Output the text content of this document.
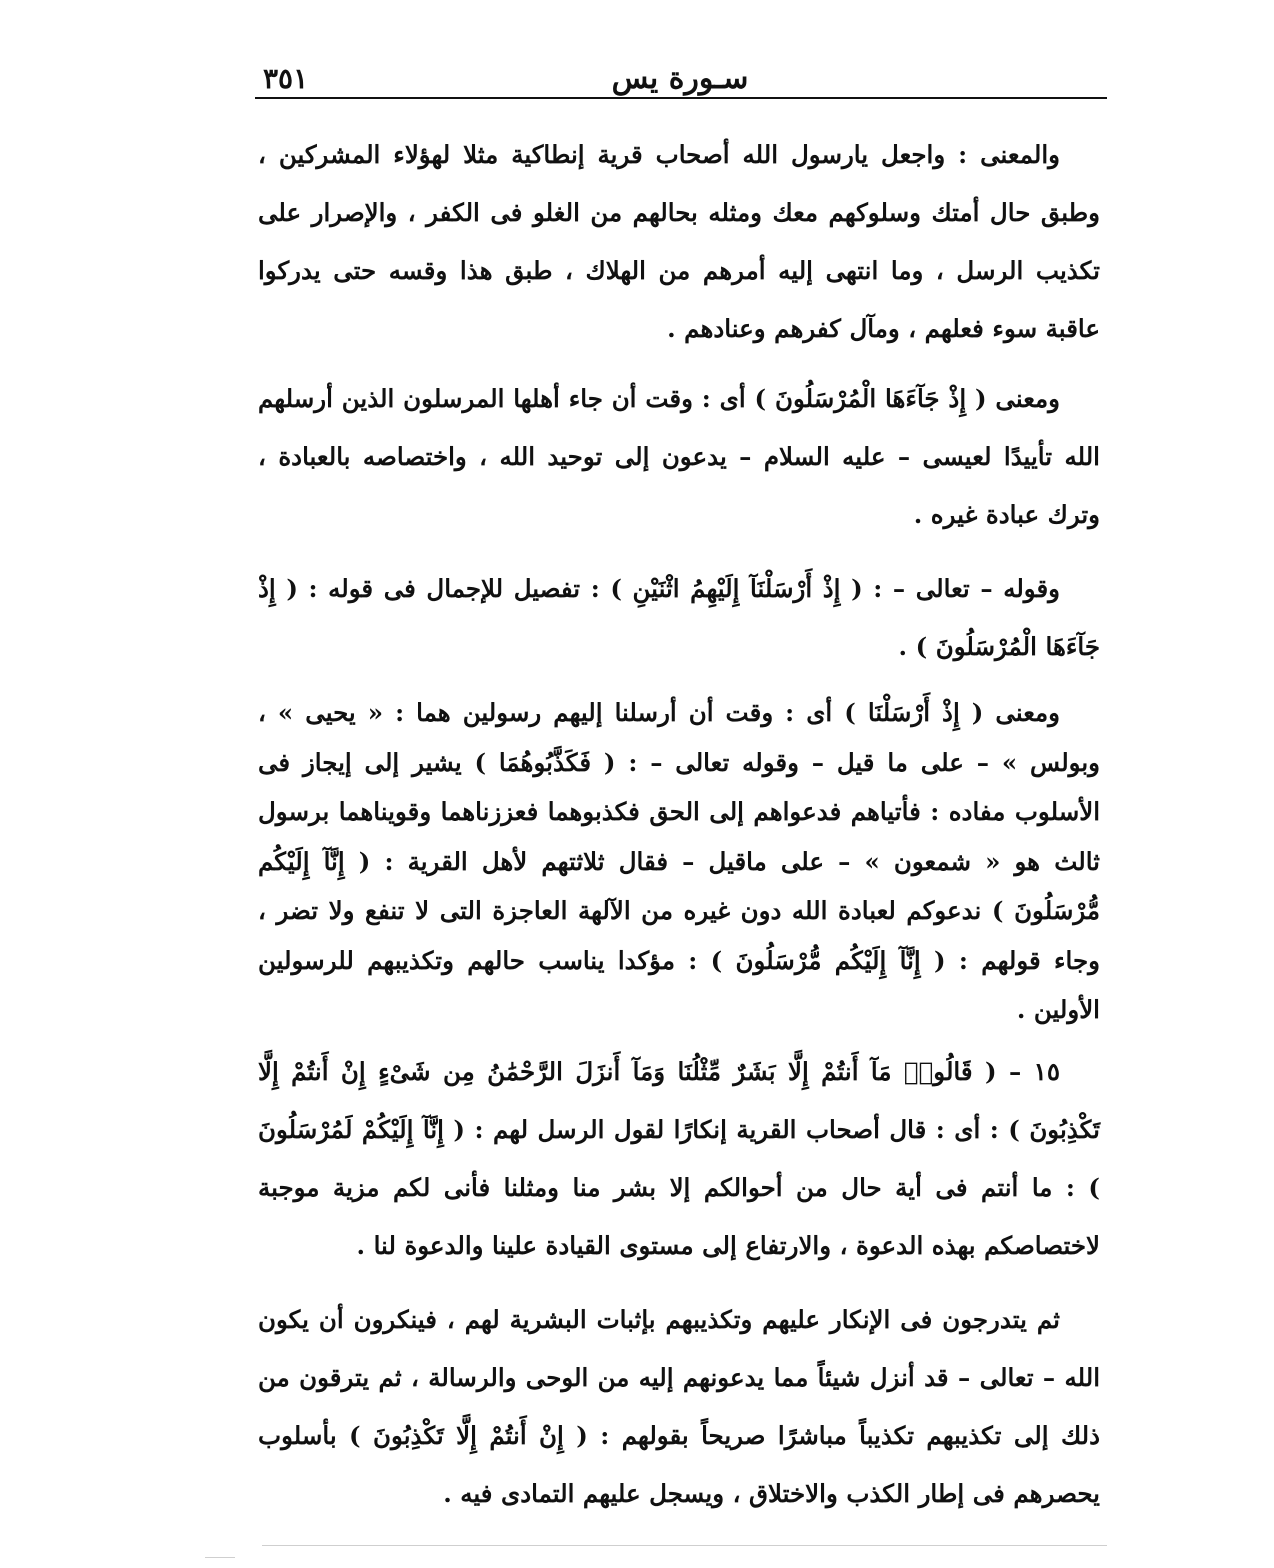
سـورة يس
٣٥١

والمعنى : واجعل يارسول الله أصحاب قرية إنطاكية مثلا لهؤلاء المشركين ، وطبق حال أمتك وسلوكهم معك ومثله بحالهم من الغلو فى الكفر ، والإصرار على تكذيب الرسل ، وما انتهى إليه أمرهم من الهلاك ، طبق هذا وقسه حتى يدركوا عاقبة سوء فعلهم ، ومآل كفرهم وعنادهم .

ومعنى ( إِذْ جَآءَهَا الْمُرْسَلُونَ ) أى : وقت أن جاء أهلها المرسلون الذين أرسلهم الله تأييدًا لعيسى – عليه السلام – يدعون إلى توحيد الله ، واختصاصه بالعبادة ، وترك عبادة غيره .

وقوله – تعالى – : ( إِذْ أَرْسَلْنَآ إِلَيْهِمُ اثْنَيْنِ ) : تفصيل للإجمال فى قوله : ( إِذْ جَآءَهَا الْمُرْسَلُونَ ) .

ومعنى ( إِذْ أَرْسَلْنَا ) أى : وقت أن أرسلنا إليهم رسولين هما : « يحيى » ، وبولس » – على ما قيل – وقوله تعالى – : ( فَكَذَّبُوهُمَا ) يشير إلى إيجاز فى الأسلوب مفاده : فأتياهم فدعواهم إلى الحق فكذبوهما فعززناهما وقويناهما برسول ثالث هو « شمعون » – على ماقيل – فقال ثلاثتهم لأهل القرية : ( إِنَّآ إِلَيْكُم مُّرْسَلُونَ ) ندعوكم لعبادة الله دون غيره من الآلهة العاجزة التى لا تنفع ولا تضر ، وجاء قولهم : ( إِنَّآ إِلَيْكُم مُّرْسَلُونَ ) : مؤكدا يناسب حالهم وتكذيبهم للرسولين الأولين .

١٥ – ( قَالُوا۟ مَآ أَنتُمْ إِلَّا بَشَرٌ مِّثْلُنَا وَمَآ أَنزَلَ الرَّحْمَٰنُ مِن شَىْءٍ إِنْ أَنتُمْ إِلَّا تَكْذِبُونَ ) : أى : قال أصحاب القرية إنكارًا لقول الرسل لهم : ( إِنَّآ إِلَيْكُمْ لَمُرْسَلُونَ ) : ما أنتم فى أية حال من أحوالكم إلا بشر منا ومثلنا فأنى لكم مزية موجبة لاختصاصكم بهذه الدعوة ، والارتفاع إلى مستوى القيادة علينا والدعوة لنا .

ثم يتدرجون فى الإنكار عليهم وتكذيبهم بإثبات البشرية لهم ، فينكرون أن يكون الله – تعالى – قد أنزل شيئاً مما يدعونهم إليه من الوحى والرسالة ، ثم يترقون من ذلك إلى تكذيبهم تكذيباً مباشرًا صريحاً بقولهم : ( إِنْ أَنتُمْ إِلَّا تَكْذِبُونَ ) بأسلوب يحصرهم فى إطار الكذب والاختلاق ، ويسجل عليهم التمادى فيه .
